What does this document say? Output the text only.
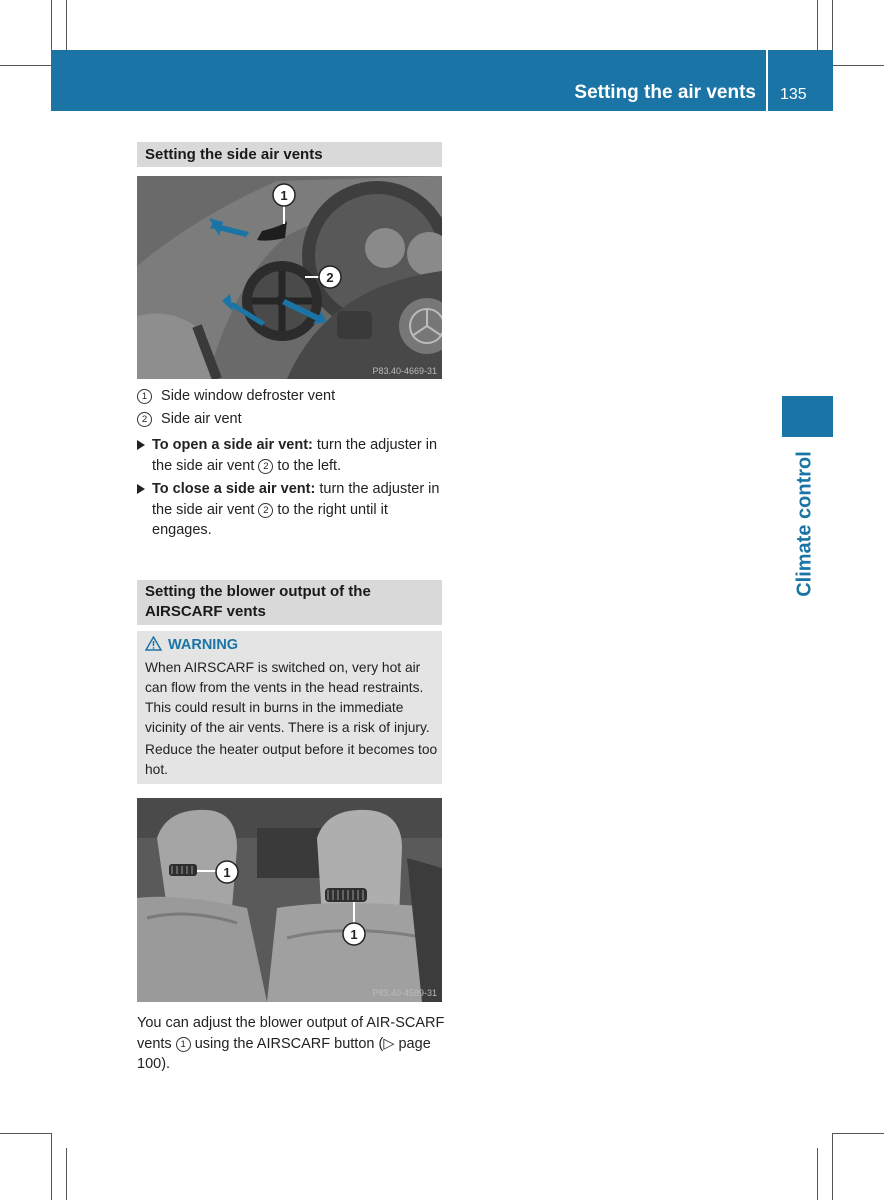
Setting the air vents 135
Climate control
Setting the side air vents
1
2
P83.40-4669-31
1 Side window defroster vent
2 Side air vent
To open a side air vent: turn the adjuster in the side air vent 2 to the left.
To close a side air vent: turn the adjuster in the side air vent 2 to the right until it engages.
Setting the blower output of the AIRSCARF vents
WARNING
When AIRSCARF is switched on, very hot air can flow from the vents in the head restraints. This could result in burns in the immediate vicinity of the air vents. There is a risk of injury.
Reduce the heater output before it becomes too hot.
1
1
P83.40-4589-31
You can adjust the blower output of AIR-SCARF vents 1 using the AIRSCARF button (▷ page 100).
